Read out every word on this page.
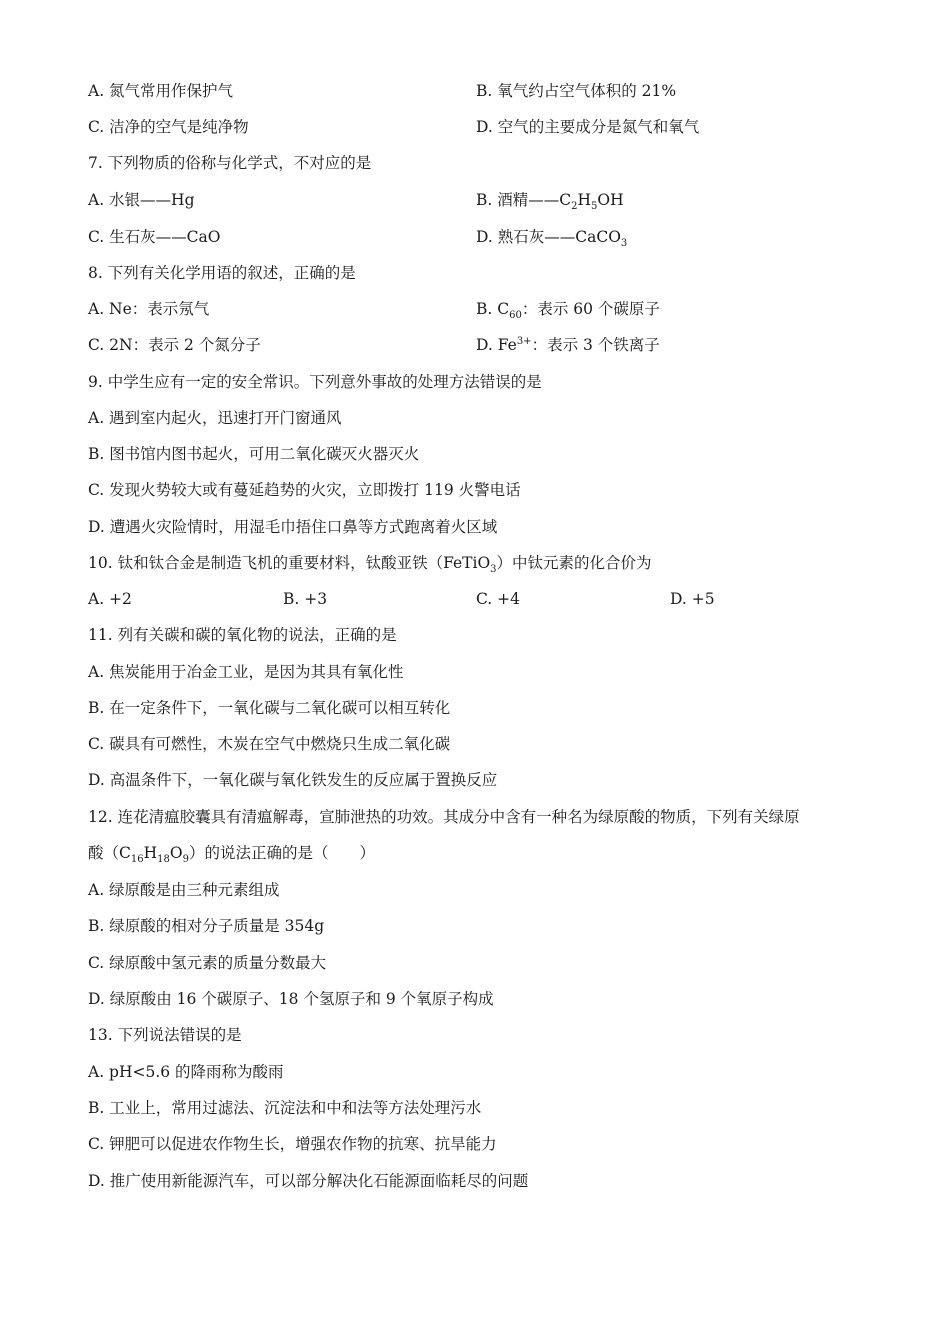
A. 氮气常用作保护气	B. 氧气约占空气体积的 21%
C. 洁净的空气是纯净物	D. 空气的主要成分是氮气和氧气
7. 下列物质的俗称与化学式，不对应的是
A. 水银——Hg	B. 酒精$——C_2H_5OH$
C. 生石灰——CaO	D. 熟石灰——CaCO$_3$
8. 下列有关化学用语的叙述，正确的是
A. Ne：表示氖气	B. $C_{60}$：表示 60 个碳原子
C. 2N：表示 2 个氮分子	D. $Fe^{3+}$：表示 3 个铁离子
9. 中学生应有一定的安全常识。下列意外事故的处理方法错误的是
A. 遇到室内起火，迅速打开门窗通风
B. 图书馆内图书起火，可用二氧化碳灭火器灭火
C. 发现火势较大或有蔓延趋势的火灾，立即拨打 119 火警电话
D. 遭遇火灾险情时，用湿毛巾捂住口鼻等方式跑离着火区域
10. 钛和钛合金是制造飞机的重要材料，钛酸亚铁（FeTiO$_3$）中钛元素的化合价为
A. +2	B. +3	C. +4	D. +5
11. 列有关碳和碳的氧化物的说法，正确的是
A. 焦炭能用于冶金工业，是因为其具有氧化性
B. 在一定条件下，一氧化碳与二氧化碳可以相互转化
C. 碳具有可燃性，木炭在空气中燃烧只生成二氧化碳
D. 高温条件下，一氧化碳与氧化铁发生的反应属于置换反应
12. 连花清瘟胶囊具有清瘟解毒，宣肺泄热的功效。其成分中含有一种名为绿原酸的物质，下列有关绿原
酸$(C_{16}H_{18}O_9)$的说法正确的是（　　）
A. 绿原酸是由三种元素组成
B. 绿原酸的相对分子质量是 354g
C. 绿原酸中氢元素的质量分数最大
D. 绿原酸由 16 个碳原子、18 个氢原子和 9 个氧原子构成
13. 下列说法错误的是
A. pH<5.6 的降雨称为酸雨
B. 工业上，常用过滤法、沉淀法和中和法等方法处理污水
C. 钾肥可以促进农作物生长，增强农作物的抗寒、抗旱能力
D. 推广使用新能源汽车，可以部分解决化石能源面临耗尽的问题
